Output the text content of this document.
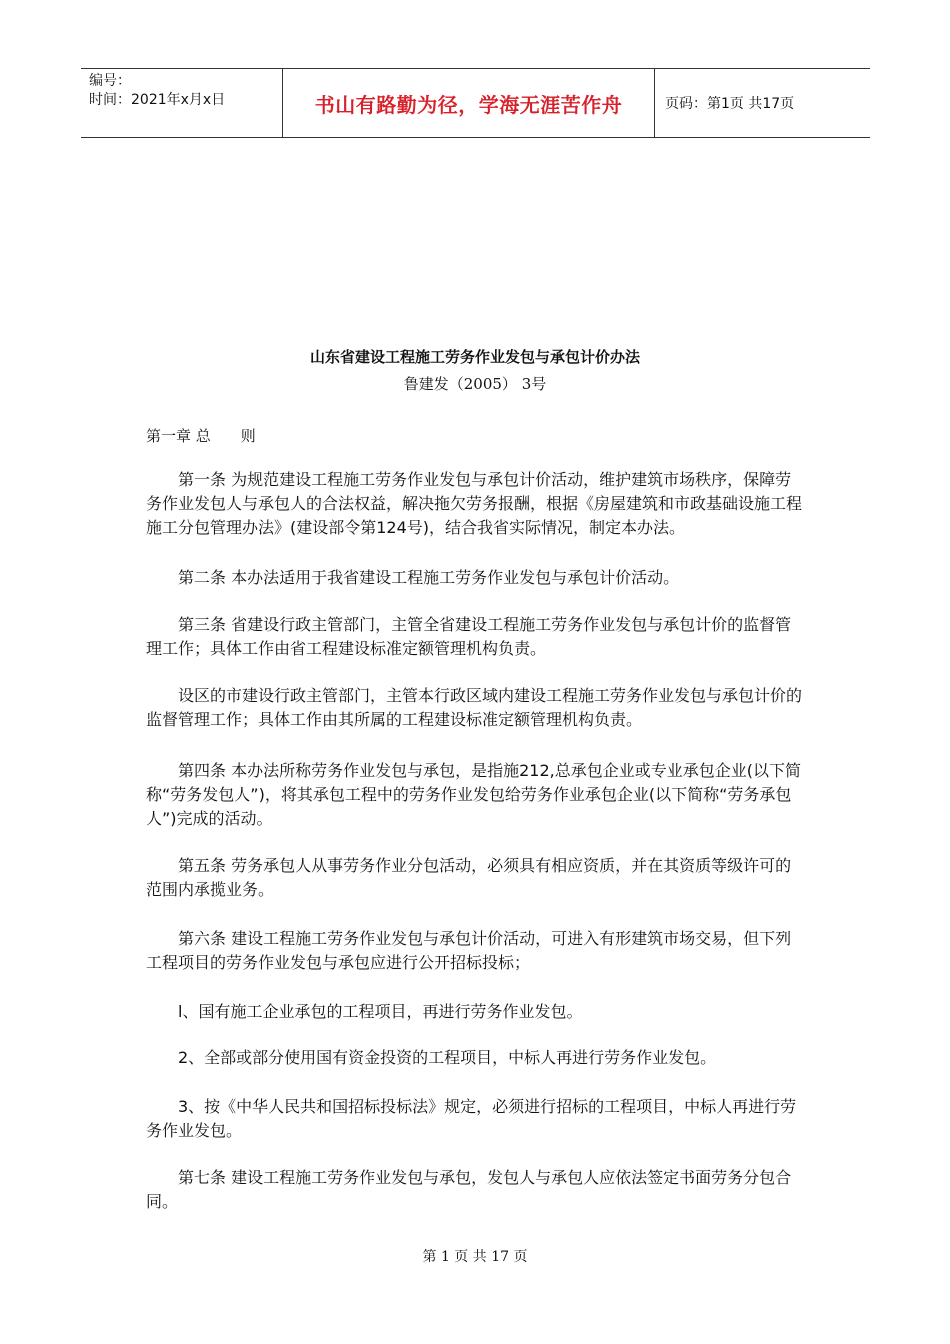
编号：
时间：2021年x月x日	书山有路勤为径，学海无涯苦作舟	页码：第1页 共17页
山东省建设工程施工劳务作业发包与承包计价办法
鲁建发（2005） 3号
第一章 总　　则

第一条 为规范建设工程施工劳务作业发包与承包计价活动，维护建筑市场秩序，保障劳务作业发包人与承包人的合法权益，解决拖欠劳务报酬，根据《房屋建筑和市政基础设施工程施工分包管理办法》(建设部令第124号)，结合我省实际情况，制定本办法。

第二条 本办法适用于我省建设工程施工劳务作业发包与承包计价活动。

第三条 省建设行政主管部门，主管全省建设工程施工劳务作业发包与承包计价的监督管理工作；具体工作由省工程建设标准定额管理机构负责。

设区的市建设行政主管部门，主管本行政区域内建设工程施工劳务作业发包与承包计价的监督管理工作；具体工作由其所属的工程建设标准定额管理机构负责。

第四条 本办法所称劳务作业发包与承包，是指施212,总承包企业或专业承包企业(以下简称“劳务发包人”)，将其承包工程中的劳务作业发包给劳务作业承包企业(以下简称“劳务承包人”)完成的活动。

第五条 劳务承包人从事劳务作业分包活动，必须具有相应资质，并在其资质等级许可的范围内承揽业务。

第六条 建设工程施工劳务作业发包与承包计价活动，可进入有形建筑市场交易，但下列工程项目的劳务作业发包与承包应进行公开招标投标；

l、国有施工企业承包的工程项目，再进行劳务作业发包。

2、全部或部分使用国有资金投资的工程项目，中标人再进行劳务作业发包。

3、按《中华人民共和国招标投标法》规定，必须进行招标的工程项目，中标人再进行劳务作业发包。

第七条 建设工程施工劳务作业发包与承包，发包人与承包人应依法签定书面劳务分包合同。

第 1 页 共 17 页
